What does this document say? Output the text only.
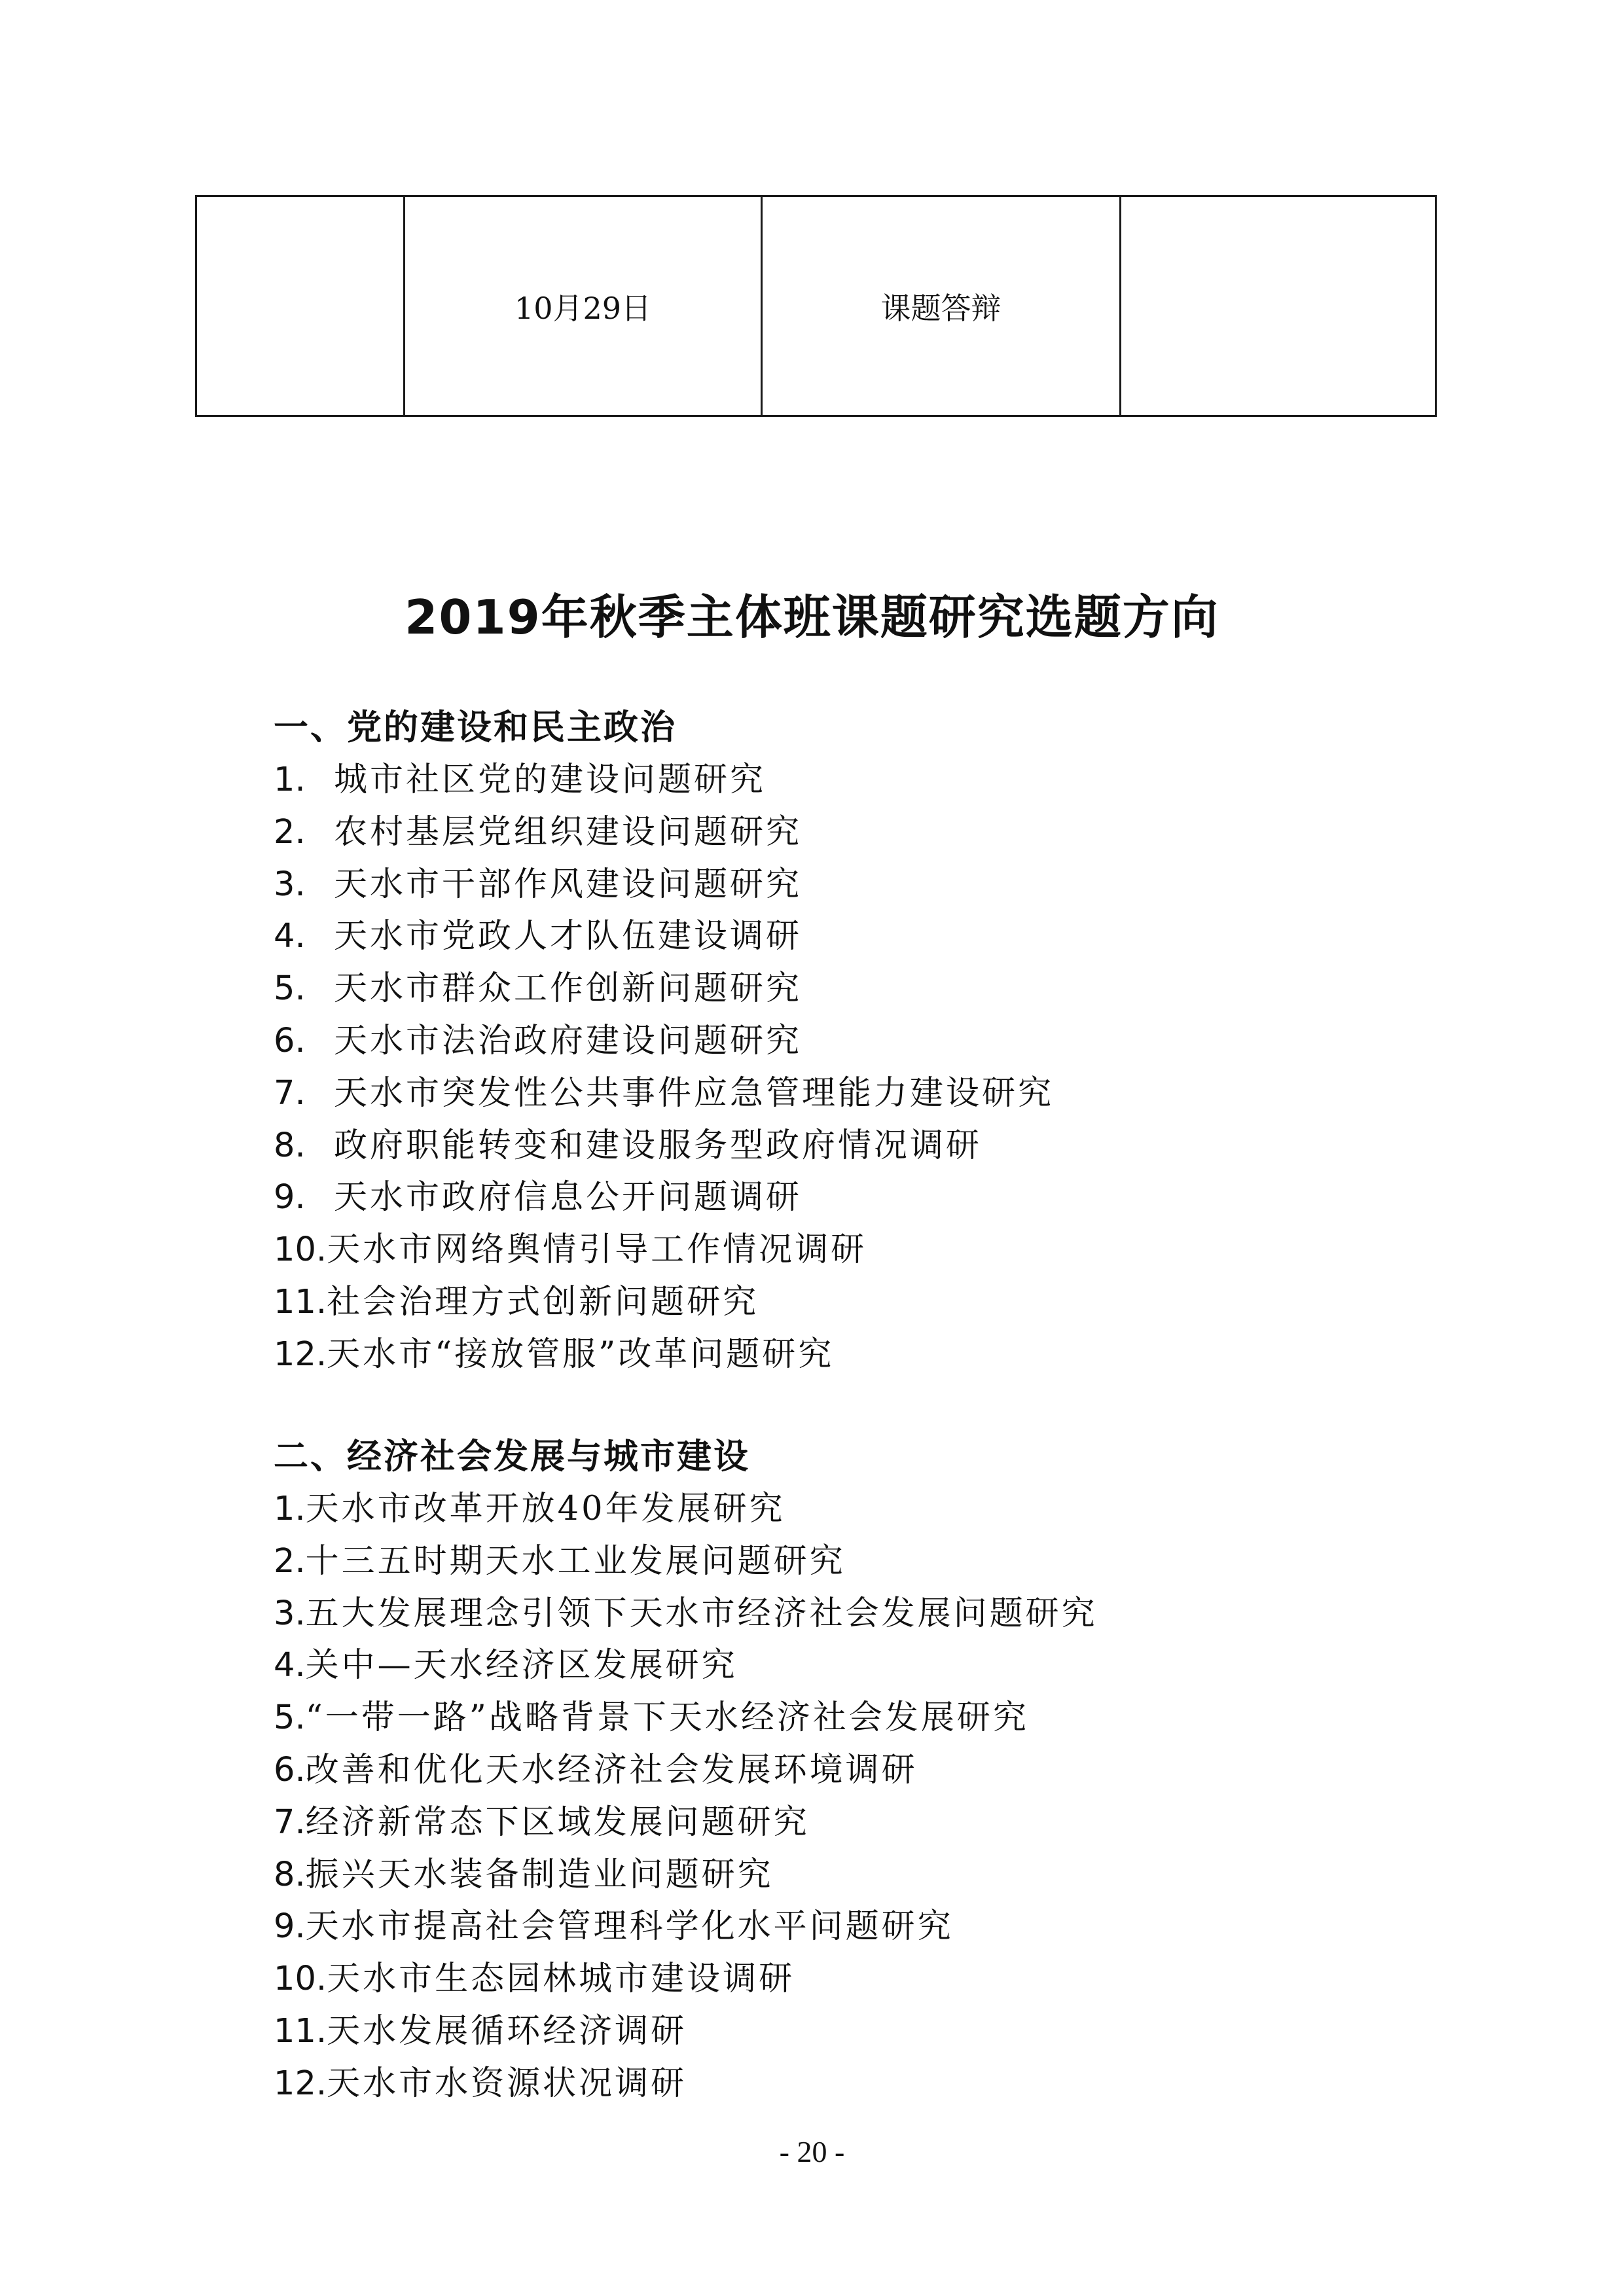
	10月29日	课题答辩	
2019年秋季主体班课题研究选题方向
一、党的建设和民主政治
1. 城市社区党的建设问题研究
2. 农村基层党组织建设问题研究
3. 天水市干部作风建设问题研究
4. 天水市党政人才队伍建设调研
5. 天水市群众工作创新问题研究
6. 天水市法治政府建设问题研究
7. 天水市突发性公共事件应急管理能力建设研究
8. 政府职能转变和建设服务型政府情况调研
9. 天水市政府信息公开问题调研
10.天水市网络舆情引导工作情况调研
11.社会治理方式创新问题研究
12.天水市“接放管服”改革问题研究
二、经济社会发展与城市建设
1.天水市改革开放40年发展研究
2.十三五时期天水工业发展问题研究
3.五大发展理念引领下天水市经济社会发展问题研究
4.关中—天水经济区发展研究
5.“一带一路”战略背景下天水经济社会发展研究
6.改善和优化天水经济社会发展环境调研
7.经济新常态下区域发展问题研究
8.振兴天水装备制造业问题研究
9.天水市提高社会管理科学化水平问题研究
10.天水市生态园林城市建设调研
11.天水发展循环经济调研
12.天水市水资源状况调研
- 20 -
